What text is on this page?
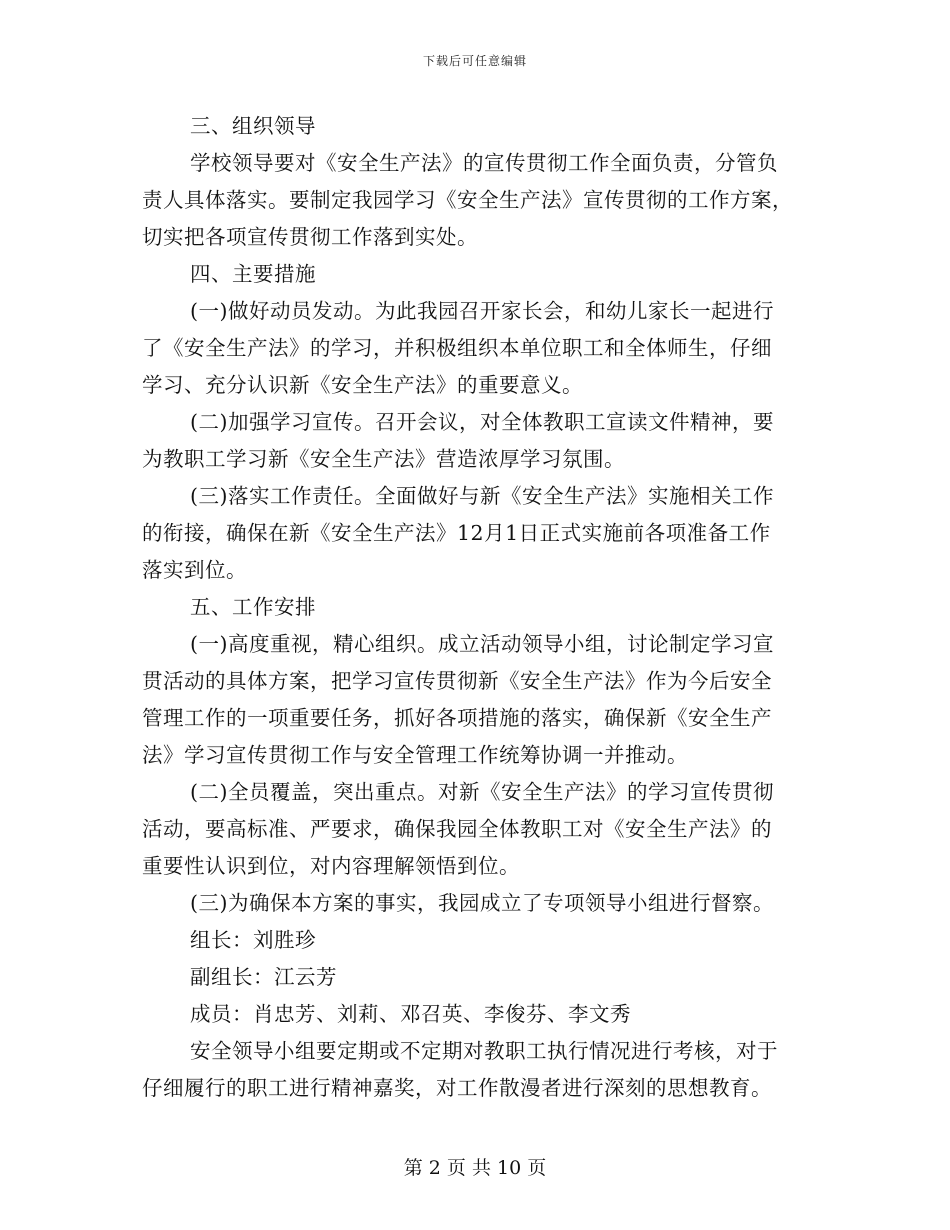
下载后可任意编辑

三、组织领导

学校领导要对《安全生产法》的宣传贯彻工作全面负责，分管负

责人具体落实。要制定我园学习《安全生产法》宣传贯彻的工作方案，

切实把各项宣传贯彻工作落到实处。

四、主要措施

(一)做好动员发动。为此我园召开家长会，和幼儿家长一起进行

了《安全生产法》的学习，并积极组织本单位职工和全体师生，仔细

学习、充分认识新《安全生产法》的重要意义。

(二)加强学习宣传。召开会议，对全体教职工宣读文件精神，要

为教职工学习新《安全生产法》营造浓厚学习氛围。

(三)落实工作责任。全面做好与新《安全生产法》实施相关工作

的衔接，确保在新《安全生产法》12月1日正式实施前各项准备工作

落实到位。

五、工作安排

(一)高度重视，精心组织。成立活动领导小组，讨论制定学习宣

贯活动的具体方案，把学习宣传贯彻新《安全生产法》作为今后安全

管理工作的一项重要任务，抓好各项措施的落实，确保新《安全生产

法》学习宣传贯彻工作与安全管理工作统筹协调一并推动。

(二)全员覆盖，突出重点。对新《安全生产法》的学习宣传贯彻

活动，要高标准、严要求，确保我园全体教职工对《安全生产法》的

重要性认识到位，对内容理解领悟到位。

(三)为确保本方案的事实，我园成立了专项领导小组进行督察。

组长：刘胜珍

副组长：江云芳

成员：肖忠芳、刘莉、邓召英、李俊芬、李文秀

安全领导小组要定期或不定期对教职工执行情况进行考核，对于

仔细履行的职工进行精神嘉奖，对工作散漫者进行深刻的思想教育。

第 2 页 共 10 页
